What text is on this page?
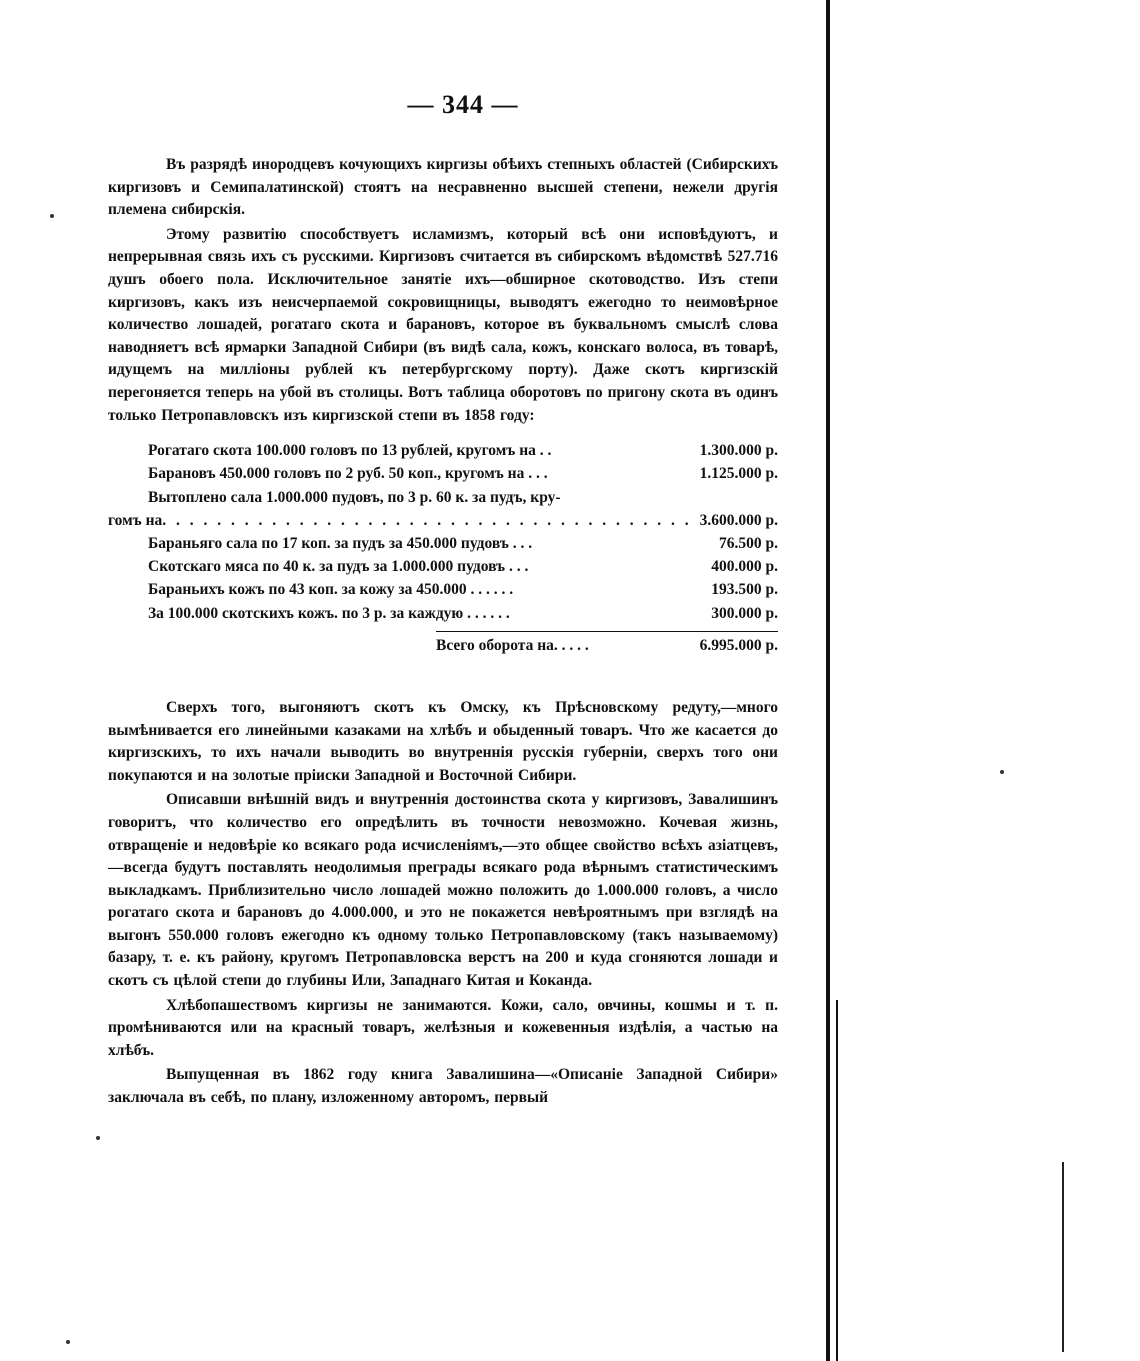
— 344 —

Въ разрядѣ инородцевъ кочующихъ киргизы обѣихъ степныхъ областей (Сибирскихъ киргизовъ и Семипалатинской) стоятъ на несравненно высшей степени, нежели другія племена сибирскія.

Этому развитію способствуетъ исламизмъ, который всѣ они исповѣдуютъ, и непрерывная связь ихъ съ русскими. Киргизовъ считается въ сибирскомъ вѣдомствѣ 527.716 душъ обоего пола. Исключительное занятіе ихъ—обширное скотоводство. Изъ степи киргизовъ, какъ изъ неисчерпаемой сокровищницы, выводятъ ежегодно то неимовѣрное количество лошадей, рогатаго скота и барановъ, которое въ буквальномъ смыслѣ слова наводняетъ всѣ ярмарки Западной Сибири (въ видѣ сала, кожъ, конскаго волоса, въ товарѣ, идущемъ на милліоны рублей къ петербургскому порту). Даже скотъ киргизскій перегоняется теперь на убой въ столицы. Вотъ таблица оборотовъ по пригону скота въ одинъ только Петропавловскъ изъ киргизской степи въ 1858 году:

Рогатаго скота 100.000 головъ по 13 рублей, кругомъ на . .	1.300.000 р.
Барановъ 450.000 головъ по 2 руб. 50 коп., кругомъ на . . .	1.125.000 р.
Вытоплено сала 1.000.000 пудовъ, по 3 р. 60 к. за пудъ, кру-
гомъ на . . . . . . . . . . . . . . . . . . . . . . . . . . . . . . . . . . . . . . . 3.600.000 р.
Бараньяго сала по 17 коп. за пудъ за 450.000 пудовъ . . .	76.500 р.
Скотскаго мяса по 40 к. за пудъ за 1.000.000 пудовъ . . .	400.000 р.
Бараньихъ кожъ по 43 коп. за кожу за 450.000 . . . . . .	193.500 р.
За 100.000 скотскихъ кожъ. по 3 р. за каждую . . . . . .	300.000 р.
Всего оборота на. . . . .	6.995.000 р.

Сверхъ того, выгоняютъ скотъ къ Омску, къ Прѣсновскому редуту,—много вымѣнивается его линейными казаками на хлѣбъ и обыденный товаръ. Что же касается до киргизскихъ, то ихъ начали выводить во внутреннія русскія губерніи, сверхъ того они покупаются и на золотые пріиски Западной и Восточной Сибири.

Описавши внѣшній видъ и внутреннія достоинства скота у киргизовъ, Завалишинъ говоритъ, что количество его опредѣлить въ точности невозможно. Кочевая жизнь, отвращеніе и недовѣріе ко всякаго рода исчисленіямъ,—это общее свойство всѣхъ азіатцевъ,—всегда будутъ поставлять неодолимыя преграды всякаго рода вѣрнымъ статистическимъ выкладкамъ. Приблизительно число лошадей можно положить до 1.000.000 головъ, а число рогатаго скота и барановъ до 4.000.000, и это не покажется невѣроятнымъ при взглядѣ на выгонъ 550.000 головъ ежегодно къ одному только Петропавловскому (такъ называемому) базару, т. е. къ району, кругомъ Петропавловска верстъ на 200 и куда сгоняются лошади и скотъ съ цѣлой степи до глубины Или, Западнаго Китая и Коканда.

Хлѣбопашествомъ киргизы не занимаются. Кожи, сало, овчины, кошмы и т. п. промѣниваются или на красный товаръ, желѣзныя и кожевенныя издѣлія, а частью на хлѣбъ.

Выпущенная въ 1862 году книга Завалишина—«Описаніе Западной Сибири» заключала въ себѣ, по плану, изложенному авторомъ, первый
